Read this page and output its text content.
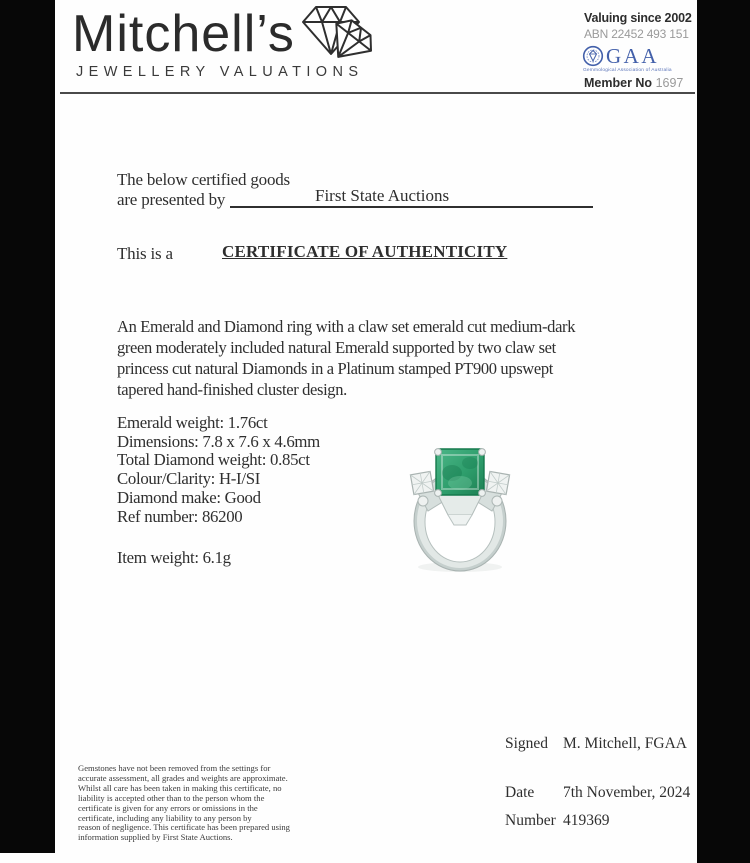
Mitchell’s
JEWELLERY VALUATIONS
Valuing since 2002
ABN 22452 493 151
GAA
Gemmological Association of Australia
Member No 1697
The below certified goods
are presented by	First State Auctions
This is a	CERTIFICATE OF AUTHENTICITY
An Emerald and Diamond ring with a claw set emerald cut medium-dark
green moderately included natural Emerald supported by two claw set
princess cut natural Diamonds in a Platinum stamped PT900 upswept
tapered hand-finished cluster design.
Emerald weight: 1.76ct
Dimensions: 7.8 x 7.6 x 4.6mm
Total Diamond weight: 0.85ct
Colour/Clarity: H-I/SI
Diamond make: Good
Ref number: 86200
Item weight: 6.1g
Gemstones have not been removed from the settings for
accurate assessment, all grades and weights are approximate.
Whilst all care has been taken in making this certificate, no
liability is accepted other than to the person whom the
certificate is given for any errors or omissions in the
certificate, including any liability to any person by
reason of negligence. This certificate has been prepared using
information supplied by First State Auctions.
Signed M. Mitchell, FGAA
Date 7th November, 2024
Number 419369
